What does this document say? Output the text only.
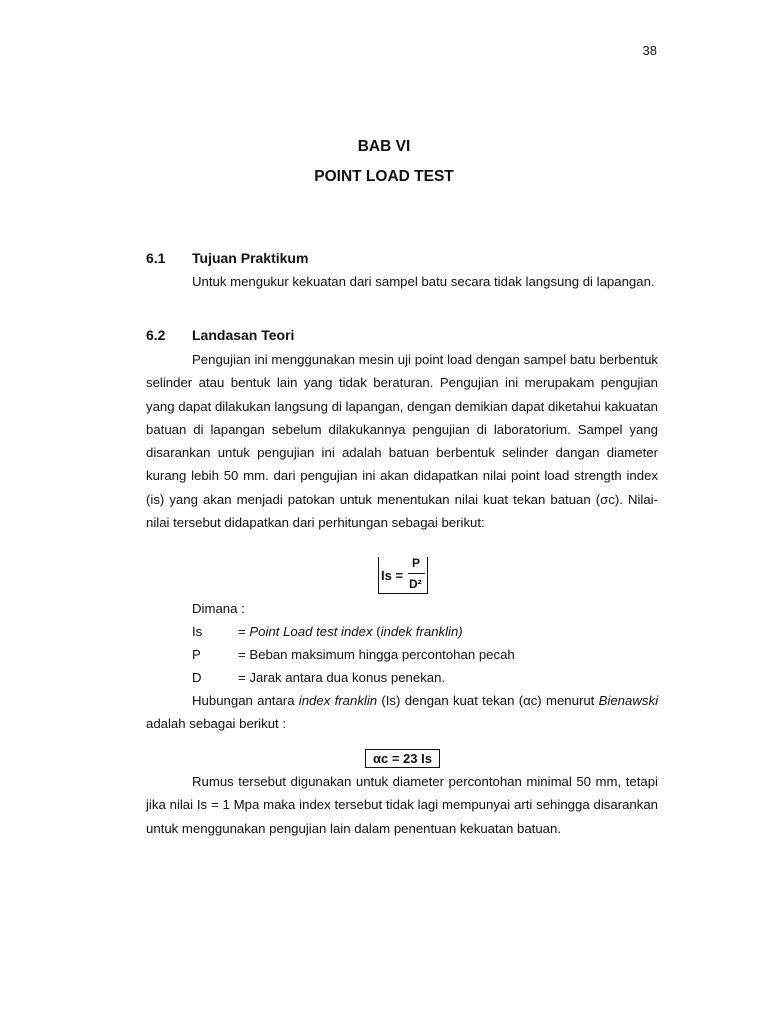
38
BAB VI
POINT LOAD TEST
6.1 Tujuan Praktikum

Untuk mengukur kekuatan dari sampel batu secara tidak langsung di lapangan.

6.2 Landasan Teori

Pengujian ini menggunakan mesin uji point load dengan sampel batu berbentuk selinder atau bentuk lain yang tidak beraturan. Pengujian ini merupakam pengujian yang dapat dilakukan langsung di lapangan, dengan demikian dapat diketahui kakuatan batuan di lapangan sebelum dilakukannya pengujian di laboratorium. Sampel yang disarankan untuk pengujian ini adalah batuan berbentuk selinder dangan diameter kurang lebih 50 mm. dari pengujian ini akan didapatkan nilai point load strength index (is) yang akan menjadi patokan untuk menentukan nilai kuat tekan batuan (σc). Nilai-nilai tersebut didapatkan dari perhitungan sebagai berikut:

Is =
P
D²
Dimana :
Is	= Point Load test index (indek franklin)
P	= Beban maksimum hingga percontohan pecah
D	= Jarak antara dua konus penekan.

Hubungan antara index franklin (Is) dengan kuat tekan (αc) menurut Bienawski adalah sebagai berikut :

αc = 23 Is

Rumus tersebut digunakan untuk diameter percontohan minimal 50 mm, tetapi jika nilai Is = 1 Mpa maka index tersebut tidak lagi mempunyai arti sehingga disarankan untuk menggunakan pengujian lain dalam penentuan kekuatan batuan.
